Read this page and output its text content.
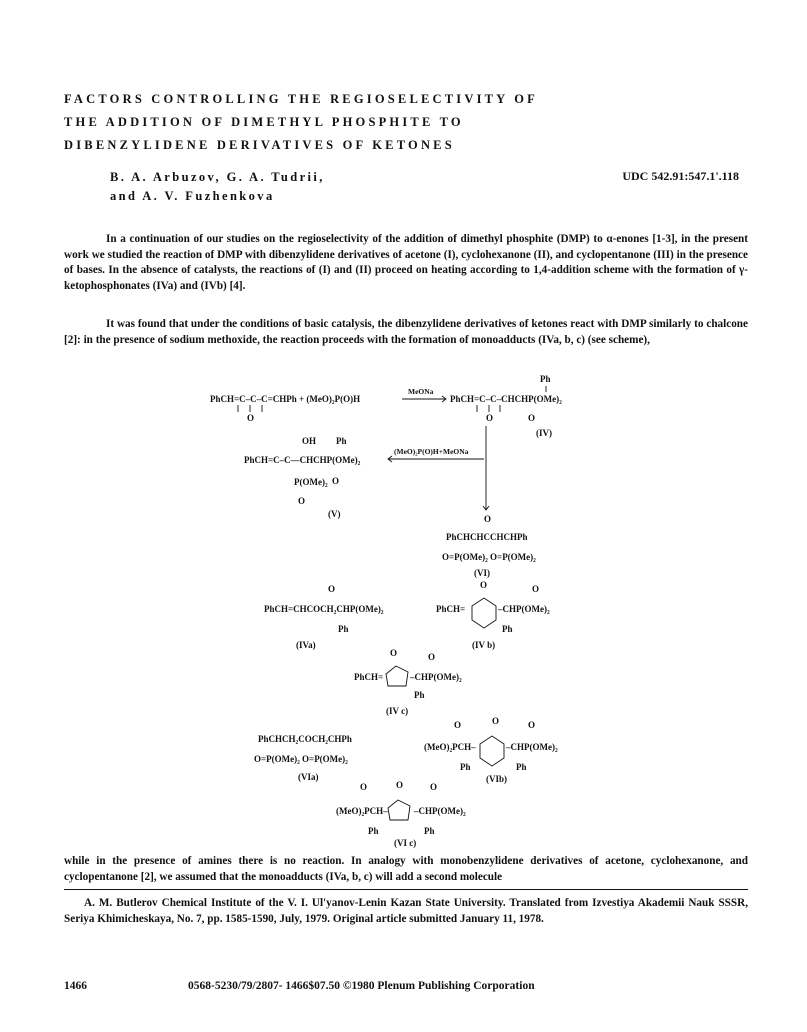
FACTORS CONTROLLING THE REGIOSELECTIVITY OF
THE ADDITION OF DIMETHYL PHOSPHITE TO
DIBENZYLIDENE DERIVATIVES OF KETONES
B. A. Arbuzov, G. A. Tudrii,
and A. V. Fuzhenkova
UDC 542.91:547.1'.118
In a continuation of our studies on the regioselectivity of the addition of dimethyl phosphite (DMP) to α-enones [1-3], in the present work we studied the reaction of DMP with dibenzylidene derivatives of acetone (I), cyclohexanone (II), and cyclopentanone (III) in the presence of bases. In the absence of catalysts, the reactions of (I) and (II) proceed on heating according to 1,4-addition scheme with the formation of γ-ketophosphonates (IVa) and (IVb) [4].
It was found that under the conditions of basic catalysis, the dibenzylidene derivatives of ketones react with DMP similarly to chalcone [2]: in the presence of sodium methoxide, the reaction proceeds with the formation of monoadducts (IVa, b, c) (see scheme),
Ph
PhCH=C–C–C=CHPh + (MeO)₂P(O)H
MeONa
PhCH=C–C–CHCHP(OMe)₂
O	O	O
(IV)
OH Ph
PhCH=C–C—CHCHP(OMe)₂
(MeO)₂P(O)H+MeONa
P(OMe)₂ O
O
(V)	O
PhCHCHCCHCHPh
O=P(OMe)₂ O=P(OMe)₂
(VI)
O
PhCH=CHCOCH₂CHP(OMe)₂
Ph
(IVa)
O	O
PhCH=	–CHP(OMe)₂
Ph
(IV b)
O	O
PhCH=	–CHP(OMe)₂
Ph
(IV c)
PhCHCH₂COCH₂CHPh
O=P(OMe)₂ O=P(OMe)₂
(VIa)
O	O	O
(MeO)₂PCH–	–CHP(OMe)₂
Ph	Ph
(VIb)
O	O	O
(MeO)₂PCH–	–CHP(OMe)₂
Ph	Ph
(VI c)
while in the presence of amines there is no reaction. In analogy with monobenzylidene derivatives of acetone, cyclohexanone, and cyclopentanone [2], we assumed that the monoadducts (IVa, b, c) will add a second molecule
A. M. Butlerov Chemical Institute of the V. I. Ul'yanov-Lenin Kazan State University. Translated from Izvestiya Akademii Nauk SSSR, Seriya Khimicheskaya, No. 7, pp. 1585-1590, July, 1979. Original article submitted January 11, 1978.
1466	0568-5230/79/2807- 1466$07.50 ©1980 Plenum Publishing Corporation
